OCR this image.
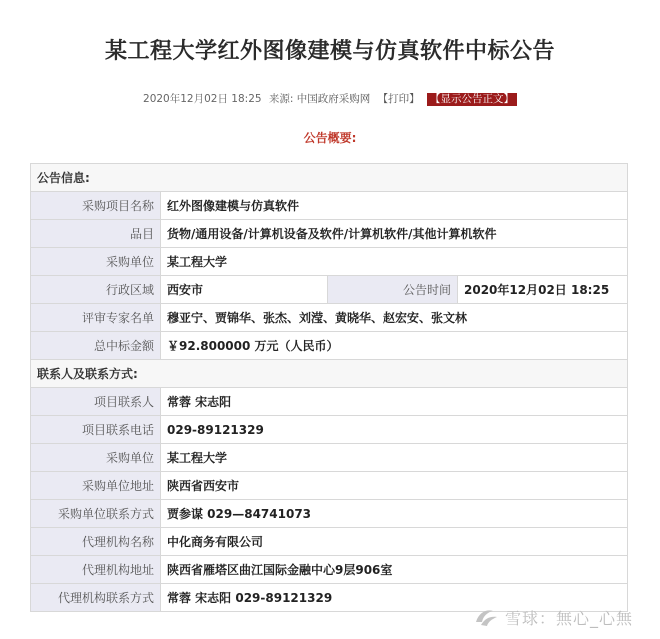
某工程大学红外图像建模与仿真软件中标公告
2020年12月02日 18:25 来源: 中国政府采购网 【打印】 【显示公告正文】
公告概要:
公告信息:			
采购项目名称	红外图像建模与仿真软件		
品目	货物/通用设备/计算机设备及软件/计算机软件/其他计算机软件		
采购单位	某工程大学		
行政区域	西安市	公告时间	2020年12月02日 18:25
评审专家名单	穆亚宁、贾锦华、张杰、刘滢、黄晓华、赵宏安、张文林		
总中标金额	￥92.800000 万元（人民币）		
联系人及联系方式:			
项目联系人	常蓉 宋志阳		
项目联系电话	029-89121329		
采购单位	某工程大学		
采购单位地址	陕西省西安市		
采购单位联系方式	贾参谋 029—84741073		
代理机构名称	中化商务有限公司		
代理机构地址	陕西省雁塔区曲江国际金融中心9层906室		
代理机构联系方式	常蓉 宋志阳 029-89121329		
雪球：無心_心無
